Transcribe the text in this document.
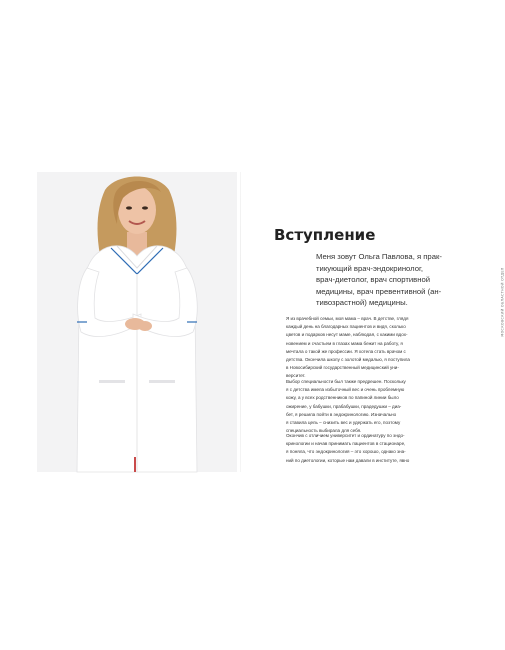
МОСКОВСКИЙ ОБЛАСТНОЙ ОТДЕЛ
Вступление
Меня зовут Ольга Павлова, я прак-
тикующий врач-эндокринолог,
врач-диетолог, врач спортивной
медицины, врач превентивной (ан-
тивозрастной) медицины.
Я из врачебной семьи, моя мама – врач. В детстве, глядя
каждый день на благодарных пациентов и видя, сколько
цветов и подарков несут маме, наблюдая, с какими вдох-
новением и счастьем в глазах мама бежит на работу, я
мечтала о такой же профессии. Я хотела стать врачом с
детства. Окончила школу с золотой медалью, я поступила
в Новосибирский государственный медицинский уни-
верситет.
Выбор специальности был также предрешен. Поскольку
я с детства имела избыточный вес и очень проблемную
кожу, а у всех родственников по папиной линии было
ожирение, у бабушки, прабабушки, прадедушки – диа-
бет, я решила пойти в эндокринологию. Изначально
я ставила цель – снизить вес и удержать его, поэтому
специальность выбирала для себя.
Окончив с отличием университет и ординатуру по эндо-
кринологии и начав принимать пациентов в стационаре,
я поняла, что эндокринология – это хорошо, однако зна-
ний по диетологии, которые нам давали в институте, явно
